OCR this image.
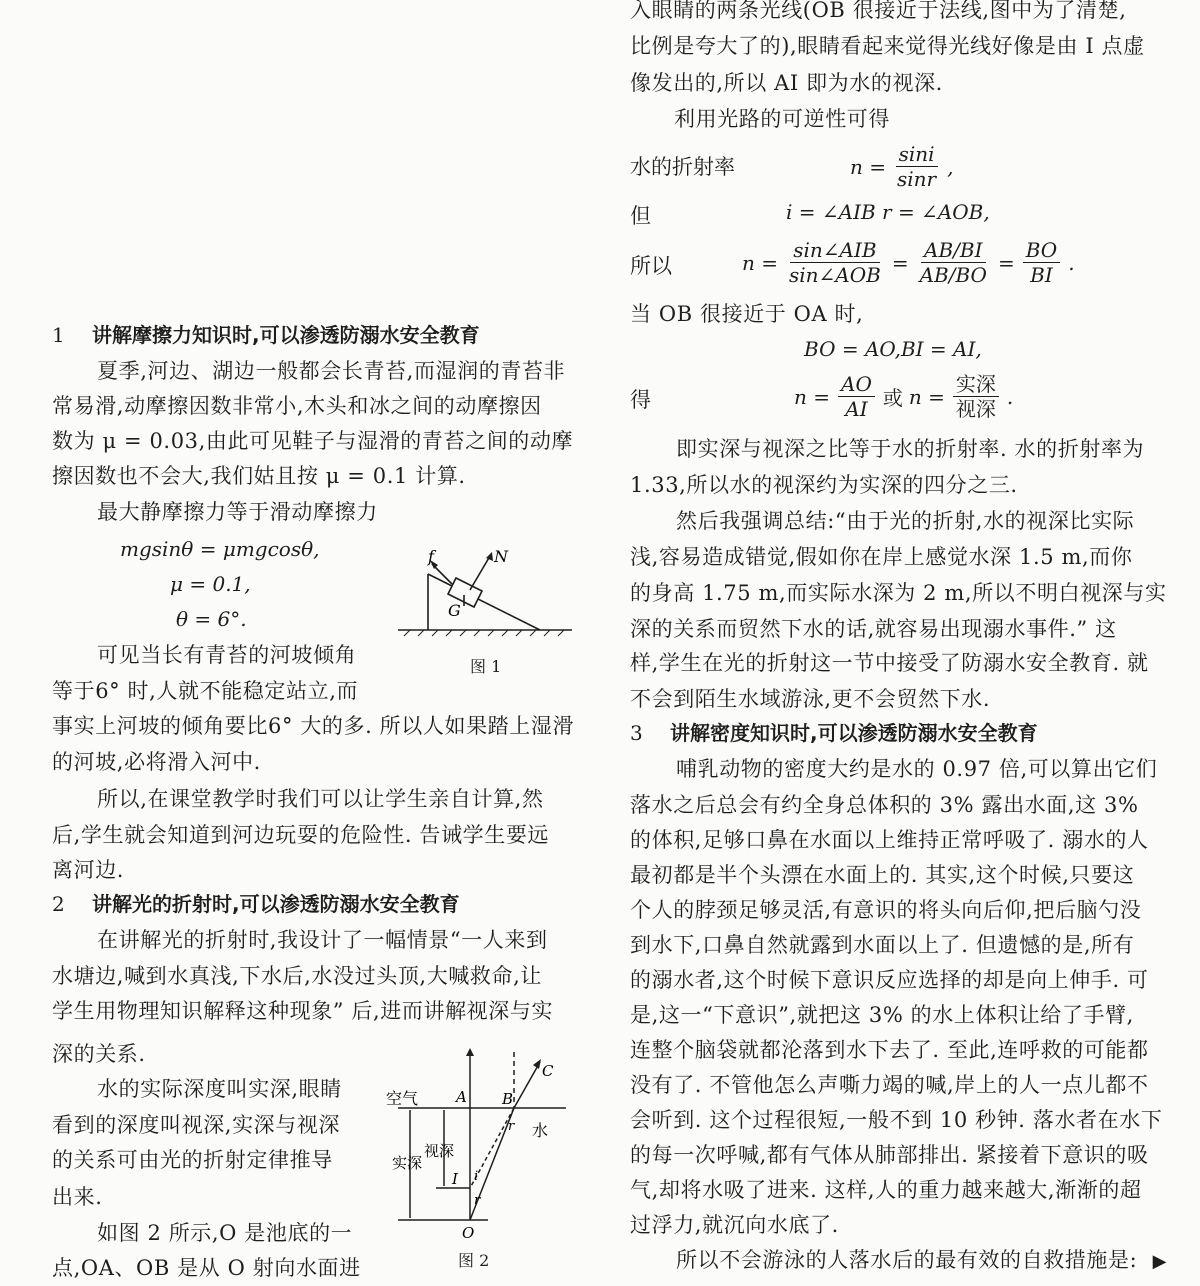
入眼睛的两条光线(OB 很接近于法线,图中为了清楚,
比例是夸大了的),眼睛看起来觉得光线好像是由 I 点虚
像发出的,所以 AI 即为水的视深.
利用光路的可逆性可得
水的折射率	$n = \frac{\sin i}{\sin r}$ ,
但	i = ∠AIB r = ∠AOB,
所以	$n = \frac{\text{sin∠AIB}}{\text{sin∠AOB}} = \frac{AB/BI}{AB/BO} = \frac{BO}{BI}$ .
当 OB 很接近于 OA 时,
BO = AO,BI = AI,
得	$n = \frac{AO}{AI}$ 或 $n = \frac{\text{实深}}{\text{视深}}$ .
即实深与视深之比等于水的折射率. 水的折射率为
1.33,所以水的视深约为实深的四分之三.
然后我强调总结:“由于光的折射,水的视深比实际
浅,容易造成错觉,假如你在岸上感觉水深 1.5 m,而你
的身高 1.75 m,而实际水深为 2 m,所以不明白视深与实
深的关系而贸然下水的话,就容易出现溺水事件.” 这
样,学生在光的折射这一节中接受了防溺水安全教育. 就
不会到陌生水域游泳,更不会贸然下水.
3 讲解密度知识时,可以渗透防溺水安全教育
哺乳动物的密度大约是水的 0.97 倍,可以算出它们
落水之后总会有约全身总体积的 3% 露出水面,这 3%
的体积,足够口鼻在水面以上维持正常呼吸了. 溺水的人
最初都是半个头漂在水面上的. 其实,这个时候,只要这
个人的脖颈足够灵活,有意识的将头向后仰,把后脑勺没
到水下,口鼻自然就露到水面以上了. 但遗憾的是,所有
的溺水者,这个时候下意识反应选择的却是向上伸手. 可
是,这一“下意识”,就把这 3% 的水上体积让给了手臂,
连整个脑袋就都沦落到水下去了. 至此,连呼救的可能都
没有了. 不管他怎么声嘶力竭的喊,岸上的人一点儿都不
会听到. 这个过程很短,一般不到 10 秒钟. 落水者在水下
的每一次呼喊,都有气体从肺部排出. 紧接着下意识的吸
气,却将水吸了进来. 这样,人的重力越来越大,渐渐的超
过浮力,就沉向水底了.
所以不会游泳的人落水后的最有效的自救措施是: ▶
1 讲解摩擦力知识时,可以渗透防溺水安全教育
夏季,河边、湖边一般都会长青苔,而湿润的青苔非
常易滑,动摩擦因数非常小,木头和冰之间的动摩擦因
数为 μ = 0.03,由此可见鞋子与湿滑的青苔之间的动摩
擦因数也不会大,我们姑且按 μ = 0.1 计算.
最大静摩擦力等于滑动摩擦力
mgsinθ = μmgcosθ,
μ = 0.1,
θ = 6°.
f	N
G
图 1
可见当长有青苔的河坡倾角
等于6° 时,人就不能稳定站立,而
事实上河坡的倾角要比6° 大的多. 所以人如果踏上湿滑
的河坡,必将滑入河中.
所以,在课堂教学时我们可以让学生亲自计算,然
后,学生就会知道到河边玩耍的危险性. 告诫学生要远
离河边.
2 讲解光的折射时,可以渗透防溺水安全教育
在讲解光的折射时,我设计了一幅情景“一人来到
水塘边,喊到水真浅,下水后,水没过头顶,大喊救命,让
学生用物理知识解释这种现象” 后,进而讲解视深与实
深的关系.
水的实际深度叫实深,眼睛
看到的深度叫视深,实深与视深
的关系可由光的折射定律推导
出来.
如图 2 所示,O 是池底的一
点,OA、OB 是从 O 射向水面进
空气
水
视深
实深
A B
C
I
O
r
i
r
图 2
